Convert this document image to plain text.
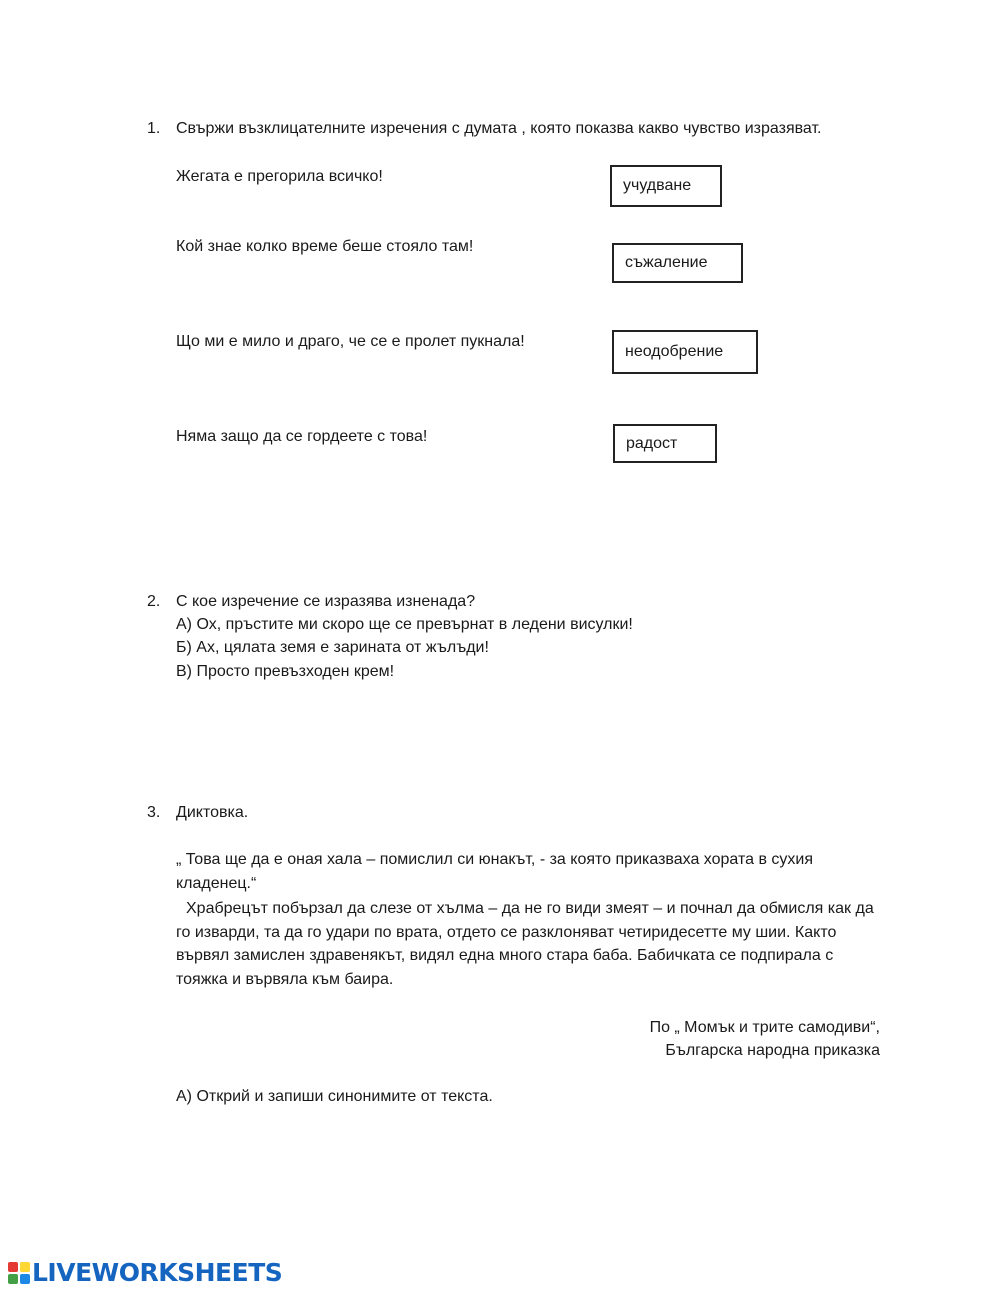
1. Свържи възклицателните изречения с думата , която показва какво чувство изразяват.
Жегата е прегорила всичко!
Кой знае колко време беше стояло там!
Що ми е мило и драго, че се е пролет пукнала!
Няма защо да се гордеете с това!
учудване
съжаление
неодобрение
радост
2. С кое изречение се изразява изненада?
А) Ох, пръстите ми скоро ще се превърнат в ледени висулки!
Б) Ах, цялата земя е зарината от жълъди!
В) Просто превъзходен крем!
3. Диктовка.
„ Това ще да е оная хала – помислил си юнакът, - за която приказваха хората в сухия кладенец.“
Храбрецът побързал да слезе от хълма – да не го види змеят – и почнал да обмисля как да го изварди, та да го удари по врата, отдето се разклоняват четиридесетте му шии. Както вървял замислен здравенякът, видял една много стара баба. Бабичката се подпирала с тояжка и вървяла към баира.
По „ Момък и трите самодиви“,
Българска народна приказка
А) Открий и запиши синонимите от текста.
LIVEWORKSHEETS
